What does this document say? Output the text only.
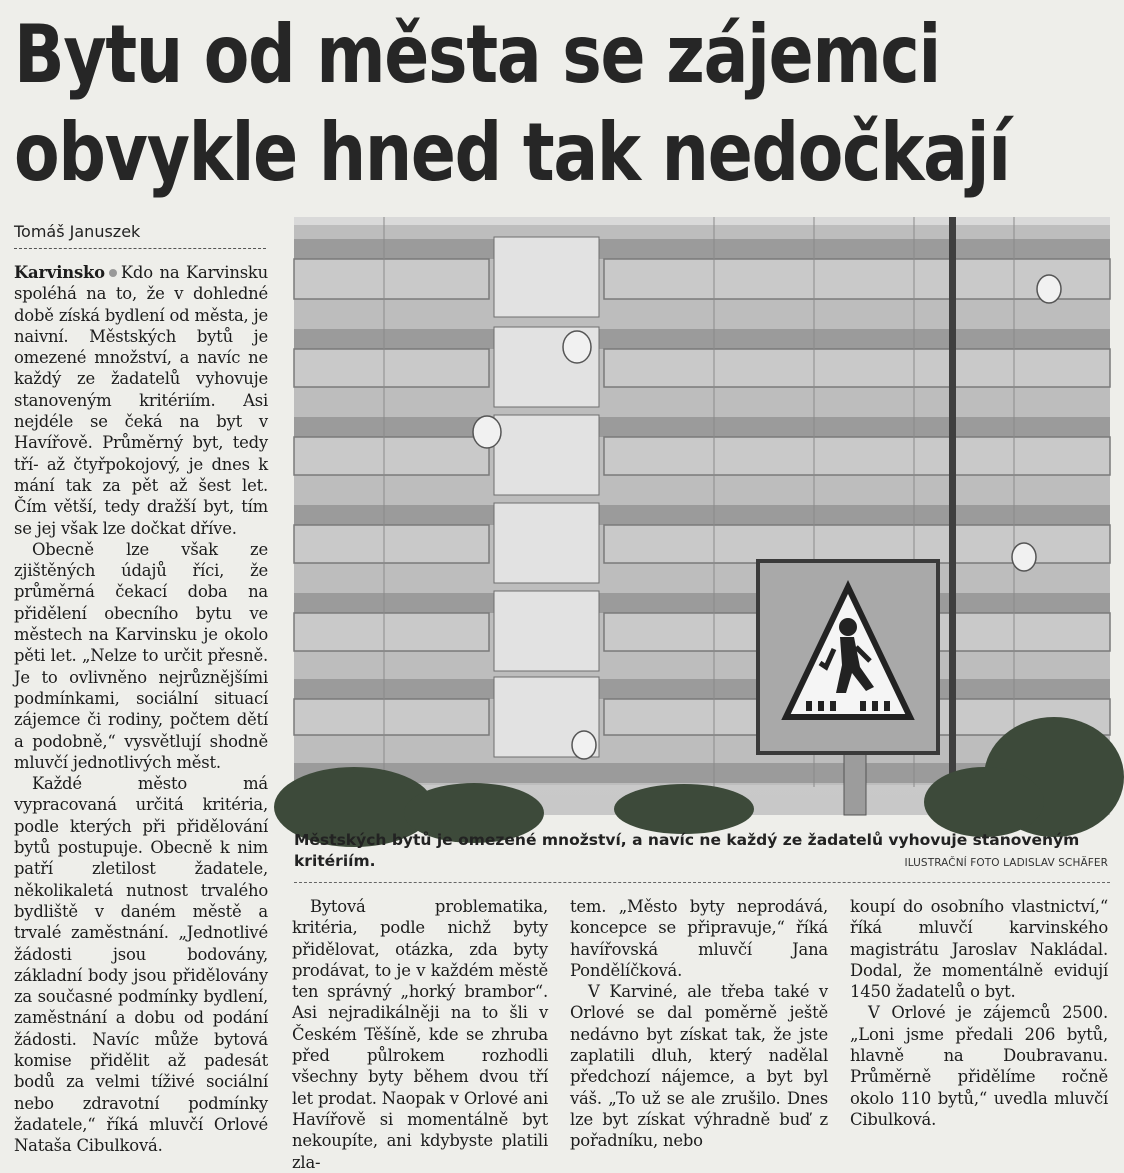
Bytu od města se zájemci
obvykle hned tak nedočkají
Tomáš Januszek

Karvinsko Kdo na Karvinsku spoléhá na to, že v dohledné době získá bydlení od města, je naivní. Městských bytů je omezené množství, a navíc ne každý ze žadatelů vyhovuje stanoveným kritériím. Asi nejdéle se čeká na byt v Havířově. Průměrný byt, tedy tří- až čtyřpokojový, je dnes k mání tak za pět až šest let. Čím větší, tedy dražší byt, tím se jej však lze dočkat dříve.

Obecně lze však ze zjištěných údajů říci, že průměrná čekací doba na přidělení obecního bytu ve městech na Karvinsku je okolo pěti let. „Nelze to určit přesně. Je to ovlivněno nejrůznějšími podmínkami, sociální situací zájemce či rodiny, počtem dětí a podobně,“ vysvětlují shodně mluvčí jednotlivých měst.

Každé město má vypracovaná určitá kritéria, podle kterých při přidělování bytů postupuje. Obecně k nim patří zletilost žadatele, několikaletá nutnost trvalého bydliště v daném městě a trvalé zaměstnání. „Jednotlivé žádosti jsou bodovány, základní body jsou přidělovány za současné podmínky bydlení, zaměstnání a dobu od podání žádosti. Navíc může bytová komise přidělit až padesát bodů za velmi tíživé sociální nebo zdravotní podmínky žadatele,“ říká mluvčí Orlové Nataša Cibulková.

Městských bytů je omezené množství, a navíc ne každý ze žadatelů vyhovuje stanoveným kritériím.	ILUSTRAČNÍ FOTO LADISLAV SCHÄFER

Bytová problematika, kritéria, podle nichž byty přidělovat, otázka, zda byty prodávat, to je v každém městě ten správný „horký brambor“. Asi nejradikálněji na to šli v Českém Těšíně, kde se zhruba před půlrokem rozhodli všechny byty během dvou tří let prodat. Naopak v Orlové ani Havířově si momentálně byt nekoupíte, ani kdybyste platili zla-

tem. „Město byty neprodává, koncepce se připravuje,“ říká havířovská mluvčí Jana Pondělíčková.

V Karviné, ale třeba také v Orlové se dal poměrně ještě nedávno byt získat tak, že jste zaplatili dluh, který nadělal předchozí nájemce, a byt byl váš. „To už se ale zrušilo. Dnes lze byt získat výhradně buď z pořadníku, nebo

koupí do osobního vlastnictví,“ říká mluvčí karvinského magistrátu Jaroslav Nakládal. Dodal, že momentálně evidují 1450 žadatelů o byt.

V Orlové je zájemců 2500. „Loni jsme předali 206 bytů, hlavně na Doubravanu. Průměrně přidělíme ročně okolo 110 bytů,“ uvedla mluvčí Cibulková.
